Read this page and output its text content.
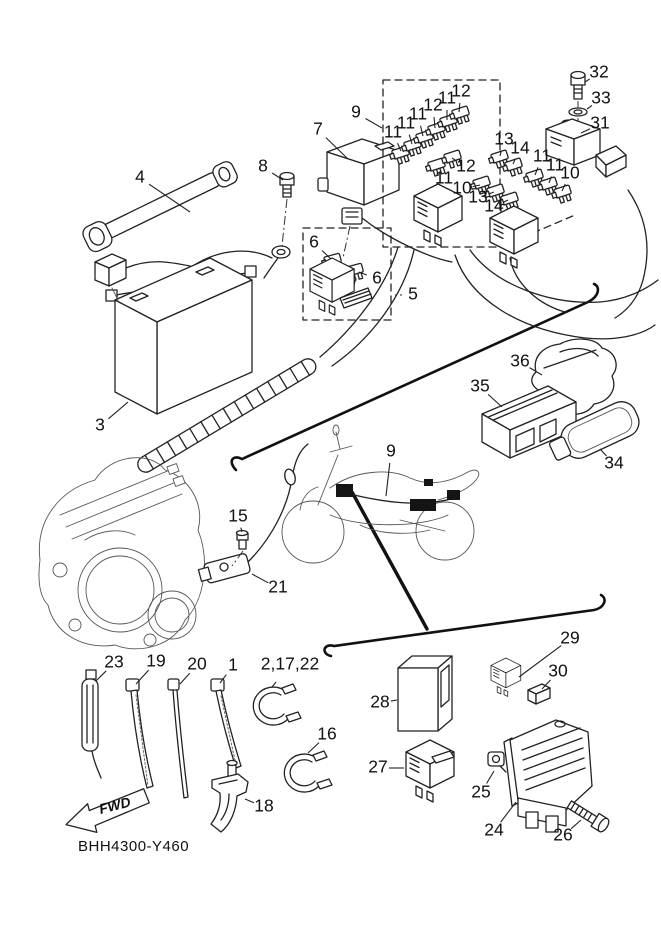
FWD
BHH4300-Y460
4
8
7
9
11
11
11
12
11
12
12
11 10
13
14
13
14 11
11
10
32
33
31
6
6
5
3
36
35
34
9
15
21
23 19 20 1 2,17,22
16
18
28
27
29
30
25
24	26
